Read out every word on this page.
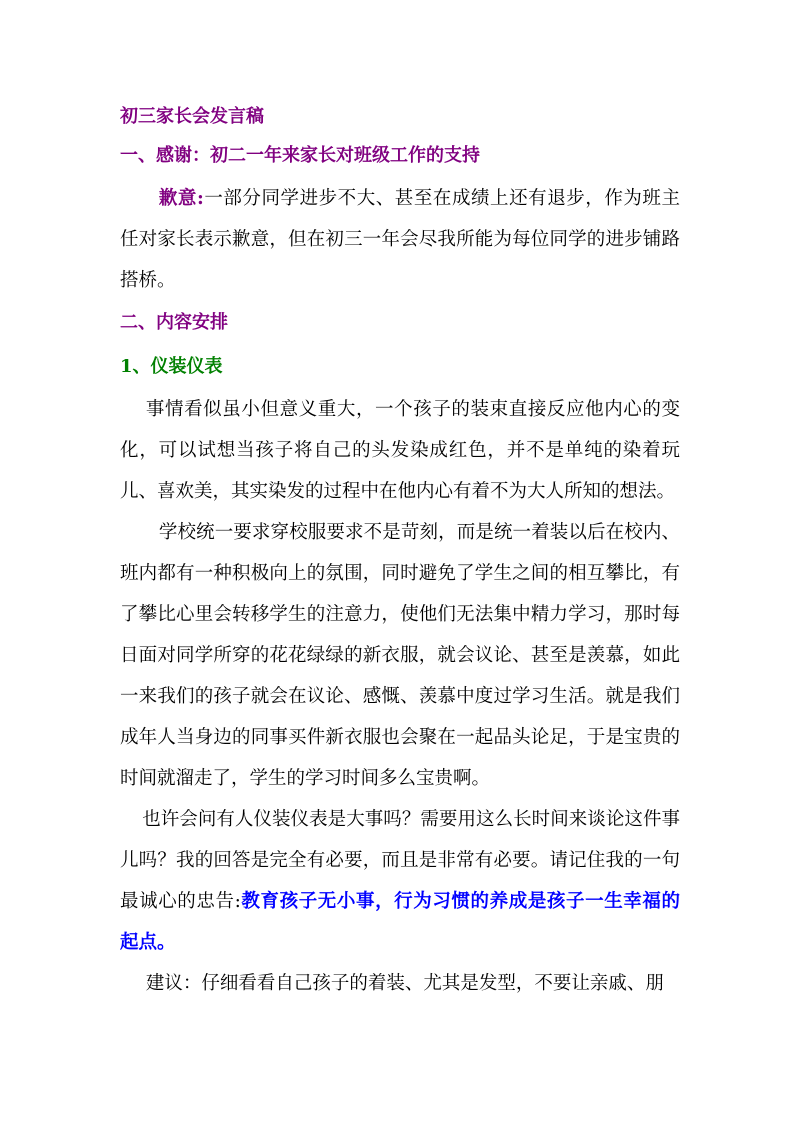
初三家长会发言稿

一、感谢：初二一年来家长对班级工作的支持

歉意:一部分同学进步不大、甚至在成绩上还有退步，作为班主任对家长表示歉意，但在初三一年会尽我所能为每位同学的进步铺路搭桥。

二、内容安排

1、仪装仪表

事情看似虽小但意义重大，一个孩子的装束直接反应他内心的变化，可以试想当孩子将自己的头发染成红色，并不是单纯的染着玩儿、喜欢美，其实染发的过程中在他内心有着不为大人所知的想法。

学校统一要求穿校服要求不是苛刻，而是统一着装以后在校内、班内都有一种积极向上的氛围，同时避免了学生之间的相互攀比，有了攀比心里会转移学生的注意力，使他们无法集中精力学习，那时每日面对同学所穿的花花绿绿的新衣服，就会议论、甚至是羡慕，如此一来我们的孩子就会在议论、感慨、羡慕中度过学习生活。就是我们成年人当身边的同事买件新衣服也会聚在一起品头论足，于是宝贵的时间就溜走了，学生的学习时间多么宝贵啊。

也许会问有人仪装仪表是大事吗？需要用这么长时间来谈论这件事儿吗？我的回答是完全有必要，而且是非常有必要。请记住我的一句最诚心的忠告:教育孩子无小事，行为习惯的养成是孩子一生幸福的起点。

建议：仔细看看自己孩子的着装、尤其是发型，不要让亲戚、朋
